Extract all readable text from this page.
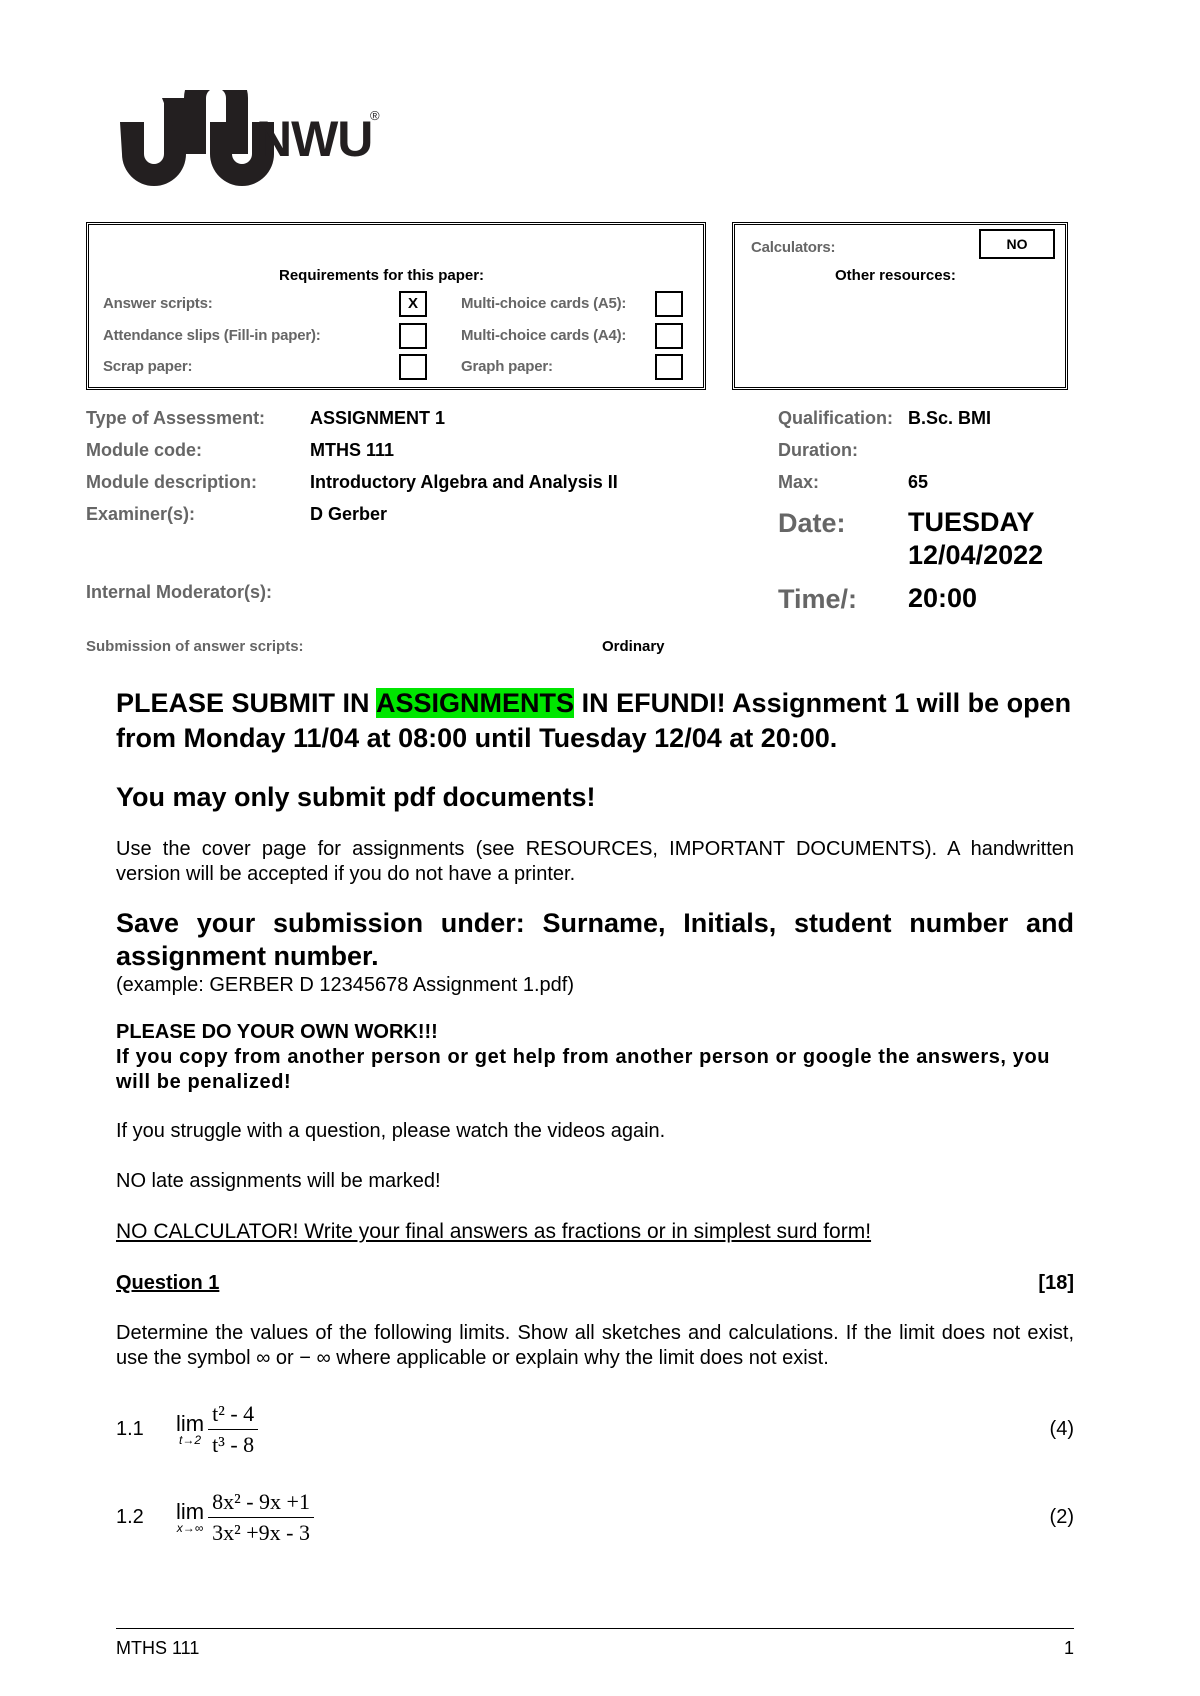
NWU
®
Requirements for this paper:
Answer scripts:	X
Attendance slips (Fill-in paper):
Scrap paper:
Multi-choice cards (A5):
Multi-choice cards (A4):
Graph paper:
Calculators:	NO
Other resources:
Type of Assessment: ASSIGNMENT 1
Module code:	MTHS 111
Module description:	Introductory Algebra and Analysis II
Examiner(s):	D Gerber
Internal Moderator(s):
Qualification: B.Sc. BMI
Duration:
Max:	65
Date: TUESDAY
12/04/2022
Time/: 20:00
Submission of answer scripts:	Ordinary

PLEASE SUBMIT IN ASSIGNMENTS IN EFUNDI! Assignment 1 will be open from Monday 11/04 at 08:00 until Tuesday 12/04 at 20:00.

You may only submit pdf documents!

Use the cover page for assignments (see RESOURCES, IMPORTANT DOCUMENTS). A handwritten version will be accepted if you do not have a printer.

Save your submission under: Surname, Initials, student number and assignment number.

(example: GERBER D 12345678 Assignment 1.pdf)

PLEASE DO YOUR OWN WORK!!!

If you copy from another person or get help from another person or google the answers, you will be penalized!

If you struggle with a question, please watch the videos again.

NO late assignments will be marked!

NO CALCULATOR! Write your final answers as fractions or in simplest surd form!

Question 1	[18]

Determine the values of the following limits. Show all sketches and calculations. If the limit does not exist, use the symbol ∞ or − ∞ where applicable or explain why the limit does not exist.

1.1	lim
$t\to 2 \frac{\text{t² - 4}}{\text{t³ - 8}}$	(4)
1.2	lim
$x\to\infty \frac{\text{8x² - 9x +1}}{\text{3x² +9x - 3}}$	(2)
MTHS 111	1
